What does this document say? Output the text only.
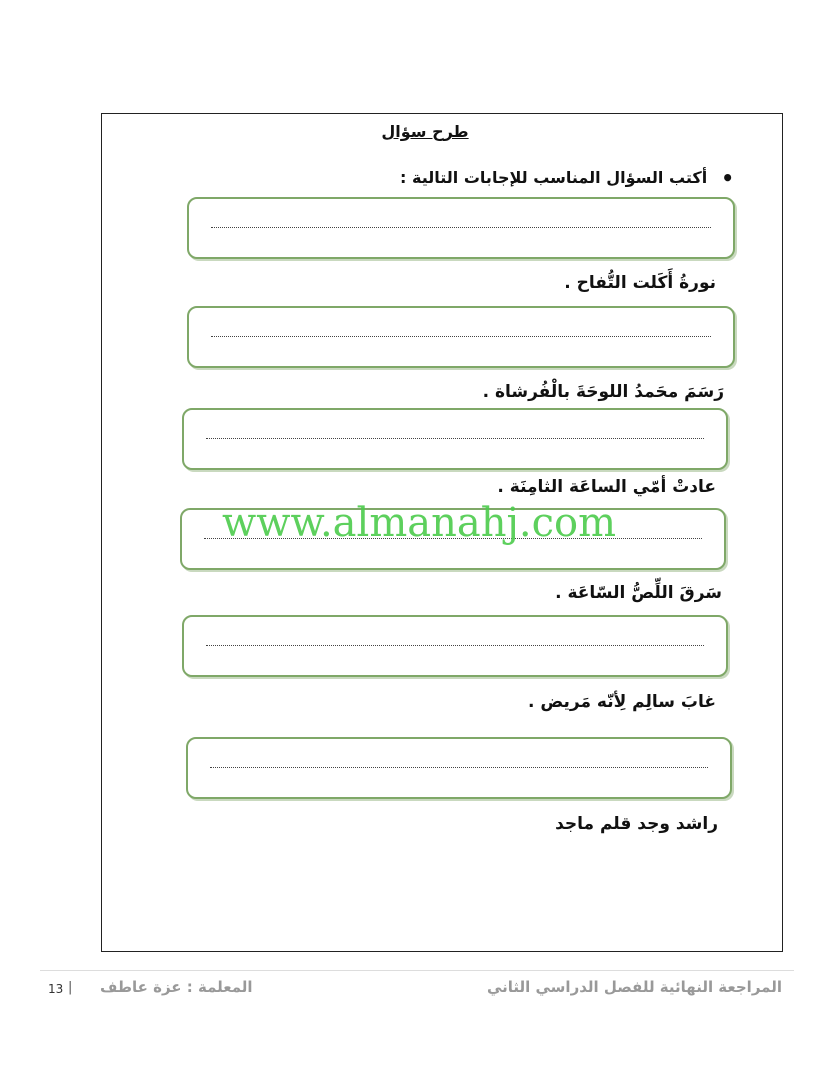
طرح سؤال
•أكتب السؤال المناسب للإجابات التالية :
نورةُ أَكَلت التُّفاح .
رَسَمَ محَمدُ اللوحَةَ بالْفُرشاة .
عادتْ أمّي الساعَة الثامِنَة .
سَرقَ اللِّصُّ السّاعَة .
غابَ سالِم لِأنّه مَريض .
راشد وجد قلم ماجد
www.almanahj.com
13 | المعلمة : عزة عاطف	المراجعة النهائية للفصل الدراسي الثاني
